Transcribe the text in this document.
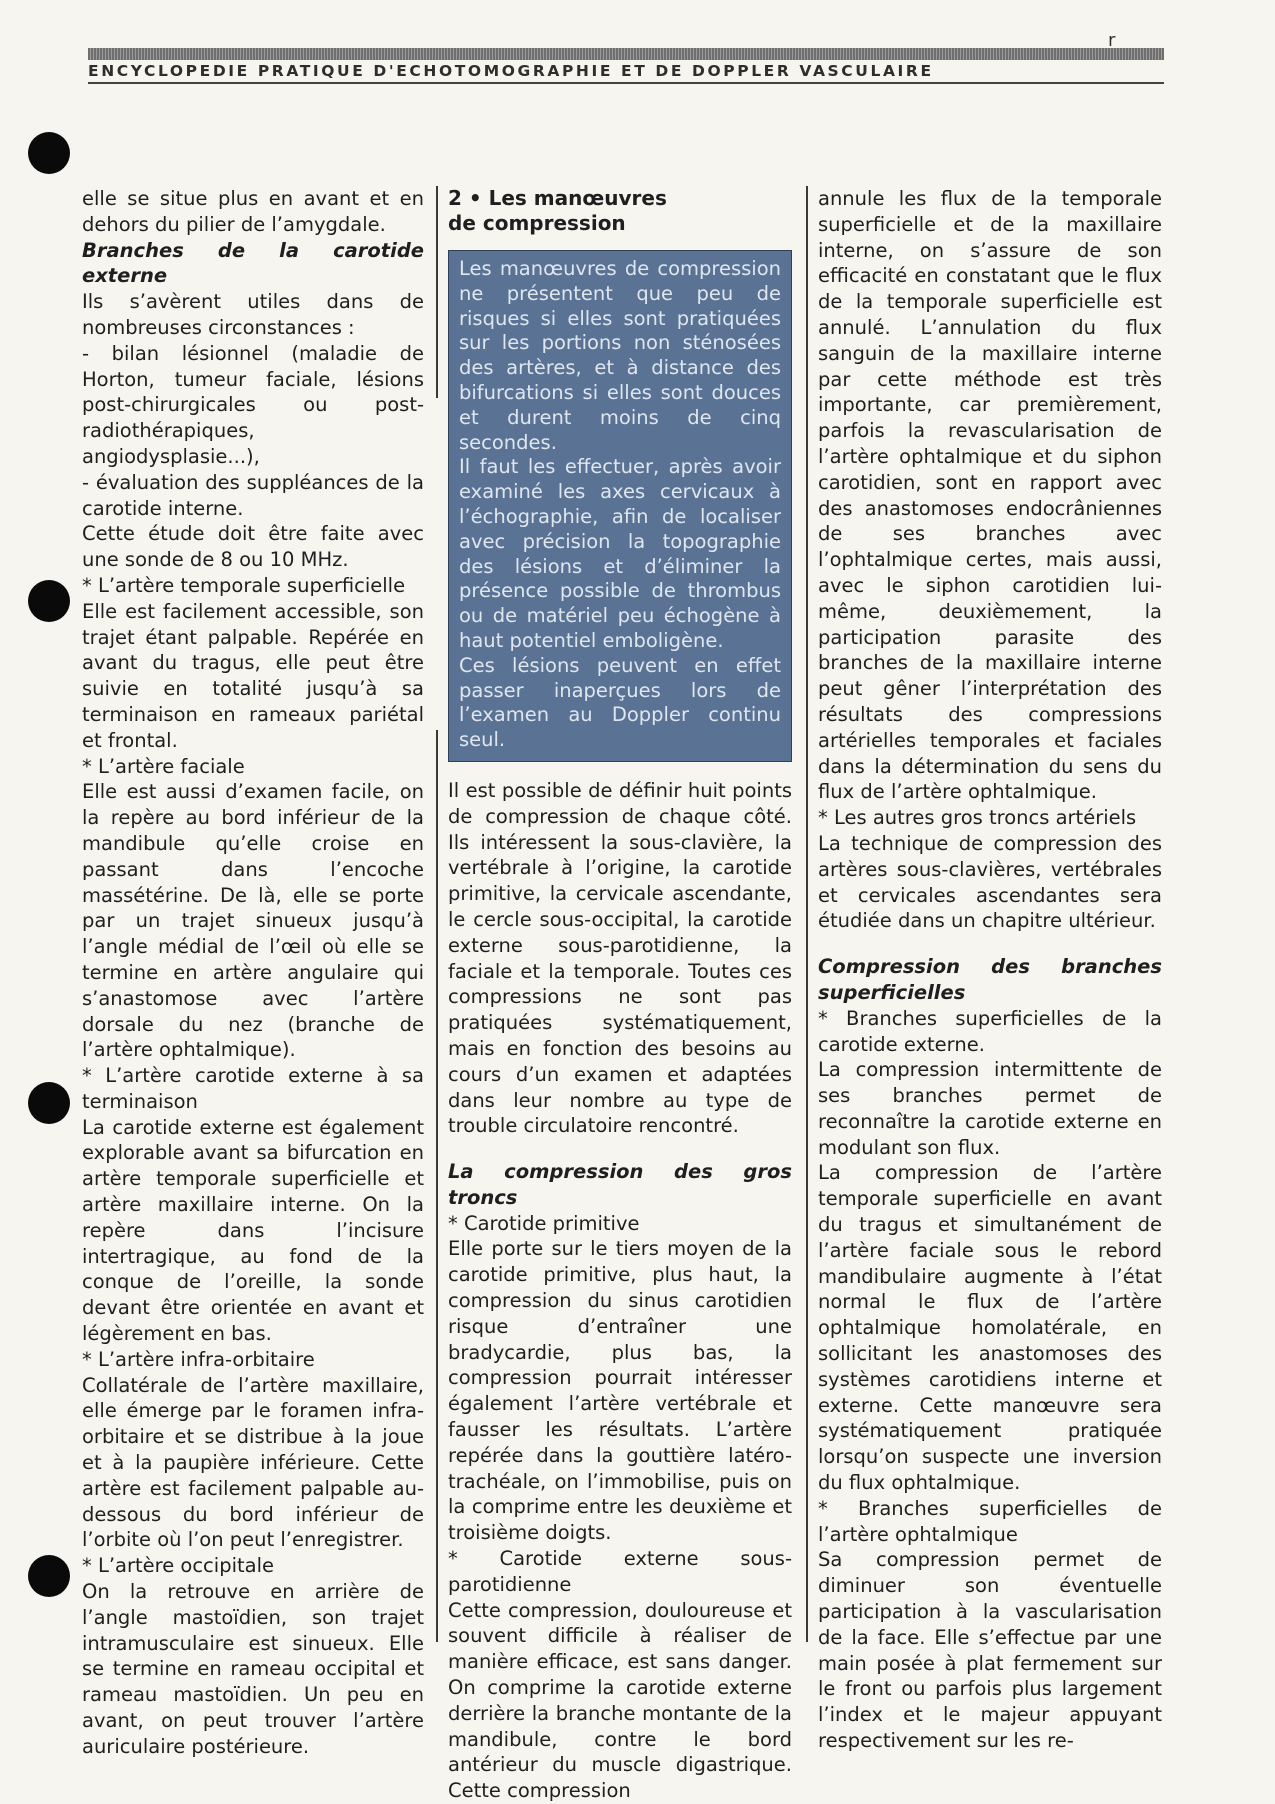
ENCYCLOPEDIE PRATIQUE D'ECHOTOMOGRAPHIE ET DE DOPPLER VASCULAIRE
r

elle se situe plus en avant et en dehors du pilier de l’amygdale.

Branches de la carotide externe

Ils s’avèrent utiles dans de nombreuses circonstances :

- bilan lésionnel (maladie de Horton, tumeur faciale, lésions post-chirurgicales ou post-radiothérapiques, angiodysplasie...),

- évaluation des suppléances de la carotide interne.

Cette étude doit être faite avec une sonde de 8 ou 10 MHz.

* L’artère temporale superficielle

Elle est facilement accessible, son trajet étant palpable. Repérée en avant du tragus, elle peut être suivie en totalité jusqu’à sa terminaison en rameaux pariétal et frontal.

* L’artère faciale

Elle est aussi d’examen facile, on la repère au bord inférieur de la mandibule qu’elle croise en passant dans l’encoche massétérine. De là, elle se porte par un trajet sinueux jusqu’à l’angle médial de l’œil où elle se termine en artère angulaire qui s’anastomose avec l’artère dorsale du nez (branche de l’artère ophtalmique).

* L’artère carotide externe à sa terminaison

La carotide externe est également explorable avant sa bifurcation en artère temporale superficielle et artère maxillaire interne. On la repère dans l’incisure intertragique, au fond de la conque de l’oreille, la sonde devant être orientée en avant et légèrement en bas.

* L’artère infra-orbitaire

Collatérale de l’artère maxillaire, elle émerge par le foramen infra-orbitaire et se distribue à la joue et à la paupière inférieure. Cette artère est facilement palpable au-dessous du bord inférieur de l’orbite où l’on peut l’enregistrer.

* L’artère occipitale

On la retrouve en arrière de l’angle mastoïdien, son trajet intramusculaire est sinueux. Elle se termine en rameau occipital et rameau mastoïdien. Un peu en avant, on peut trouver l’artère auriculaire postérieure.

2 • Les manœuvres
de compression

Les manœuvres de compression ne présentent que peu de risques si elles sont pratiquées sur les portions non sténosées des artères, et à distance des bifurcations si elles sont douces et durent moins de cinq secondes.

Il faut les effectuer, après avoir examiné les axes cervicaux à l’échographie, afin de localiser avec précision la topographie des lésions et d’éliminer la présence possible de thrombus ou de matériel peu échogène à haut potentiel emboligène.

Ces lésions peuvent en effet passer inaperçues lors de l’examen au Doppler continu seul.

Il est possible de définir huit points de compression de chaque côté. Ils intéressent la sous-clavière, la vertébrale à l’origine, la carotide primitive, la cervicale ascendante, le cercle sous-occipital, la carotide externe sous-parotidienne, la faciale et la temporale. Toutes ces compressions ne sont pas pratiquées systématiquement, mais en fonction des besoins au cours d’un examen et adaptées dans leur nombre au type de trouble circulatoire rencontré.

La compression des gros troncs

* Carotide primitive

Elle porte sur le tiers moyen de la carotide primitive, plus haut, la compression du sinus carotidien risque d’entraîner une bradycardie, plus bas, la compression pourrait intéresser également l’artère vertébrale et fausser les résultats. L’artère repérée dans la gouttière latéro-trachéale, on l’immobilise, puis on la comprime entre les deuxième et troisième doigts.

* Carotide externe sous-parotidienne

Cette compression, douloureuse et souvent difficile à réaliser de manière efficace, est sans danger. On comprime la carotide externe derrière la branche montante de la mandibule, contre le bord antérieur du muscle digastrique. Cette compression

annule les flux de la temporale superficielle et de la maxillaire interne, on s’assure de son efficacité en constatant que le flux de la temporale superficielle est annulé. L’annulation du flux sanguin de la maxillaire interne par cette méthode est très importante, car premièrement, parfois la revascularisation de l’artère ophtalmique et du siphon carotidien, sont en rapport avec des anastomoses endocrâniennes de ses branches avec l’ophtalmique certes, mais aussi, avec le siphon carotidien lui-même, deuxièmement, la participation parasite des branches de la maxillaire interne peut gêner l’interprétation des résultats des compressions artérielles temporales et faciales dans la détermination du sens du flux de l’artère ophtalmique.

* Les autres gros troncs artériels

La technique de compression des artères sous-clavières, vertébrales et cervicales ascendantes sera étudiée dans un chapitre ultérieur.

Compression des branches superficielles

* Branches superficielles de la carotide externe.

La compression intermittente de ses branches permet de reconnaître la carotide externe en modulant son flux.

La compression de l’artère temporale superficielle en avant du tragus et simultanément de l’artère faciale sous le rebord mandibulaire augmente à l’état normal le flux de l’artère ophtalmique homolatérale, en sollicitant les anastomoses des systèmes carotidiens interne et externe. Cette manœuvre sera systématiquement pratiquée lorsqu’on suspecte une inversion du flux ophtalmique.

* Branches superficielles de l’artère ophtalmique

Sa compression permet de diminuer son éventuelle participation à la vascularisation de la face. Elle s’effectue par une main posée à plat fermement sur le front ou parfois plus largement l’index et le majeur appuyant respectivement sur les re-
